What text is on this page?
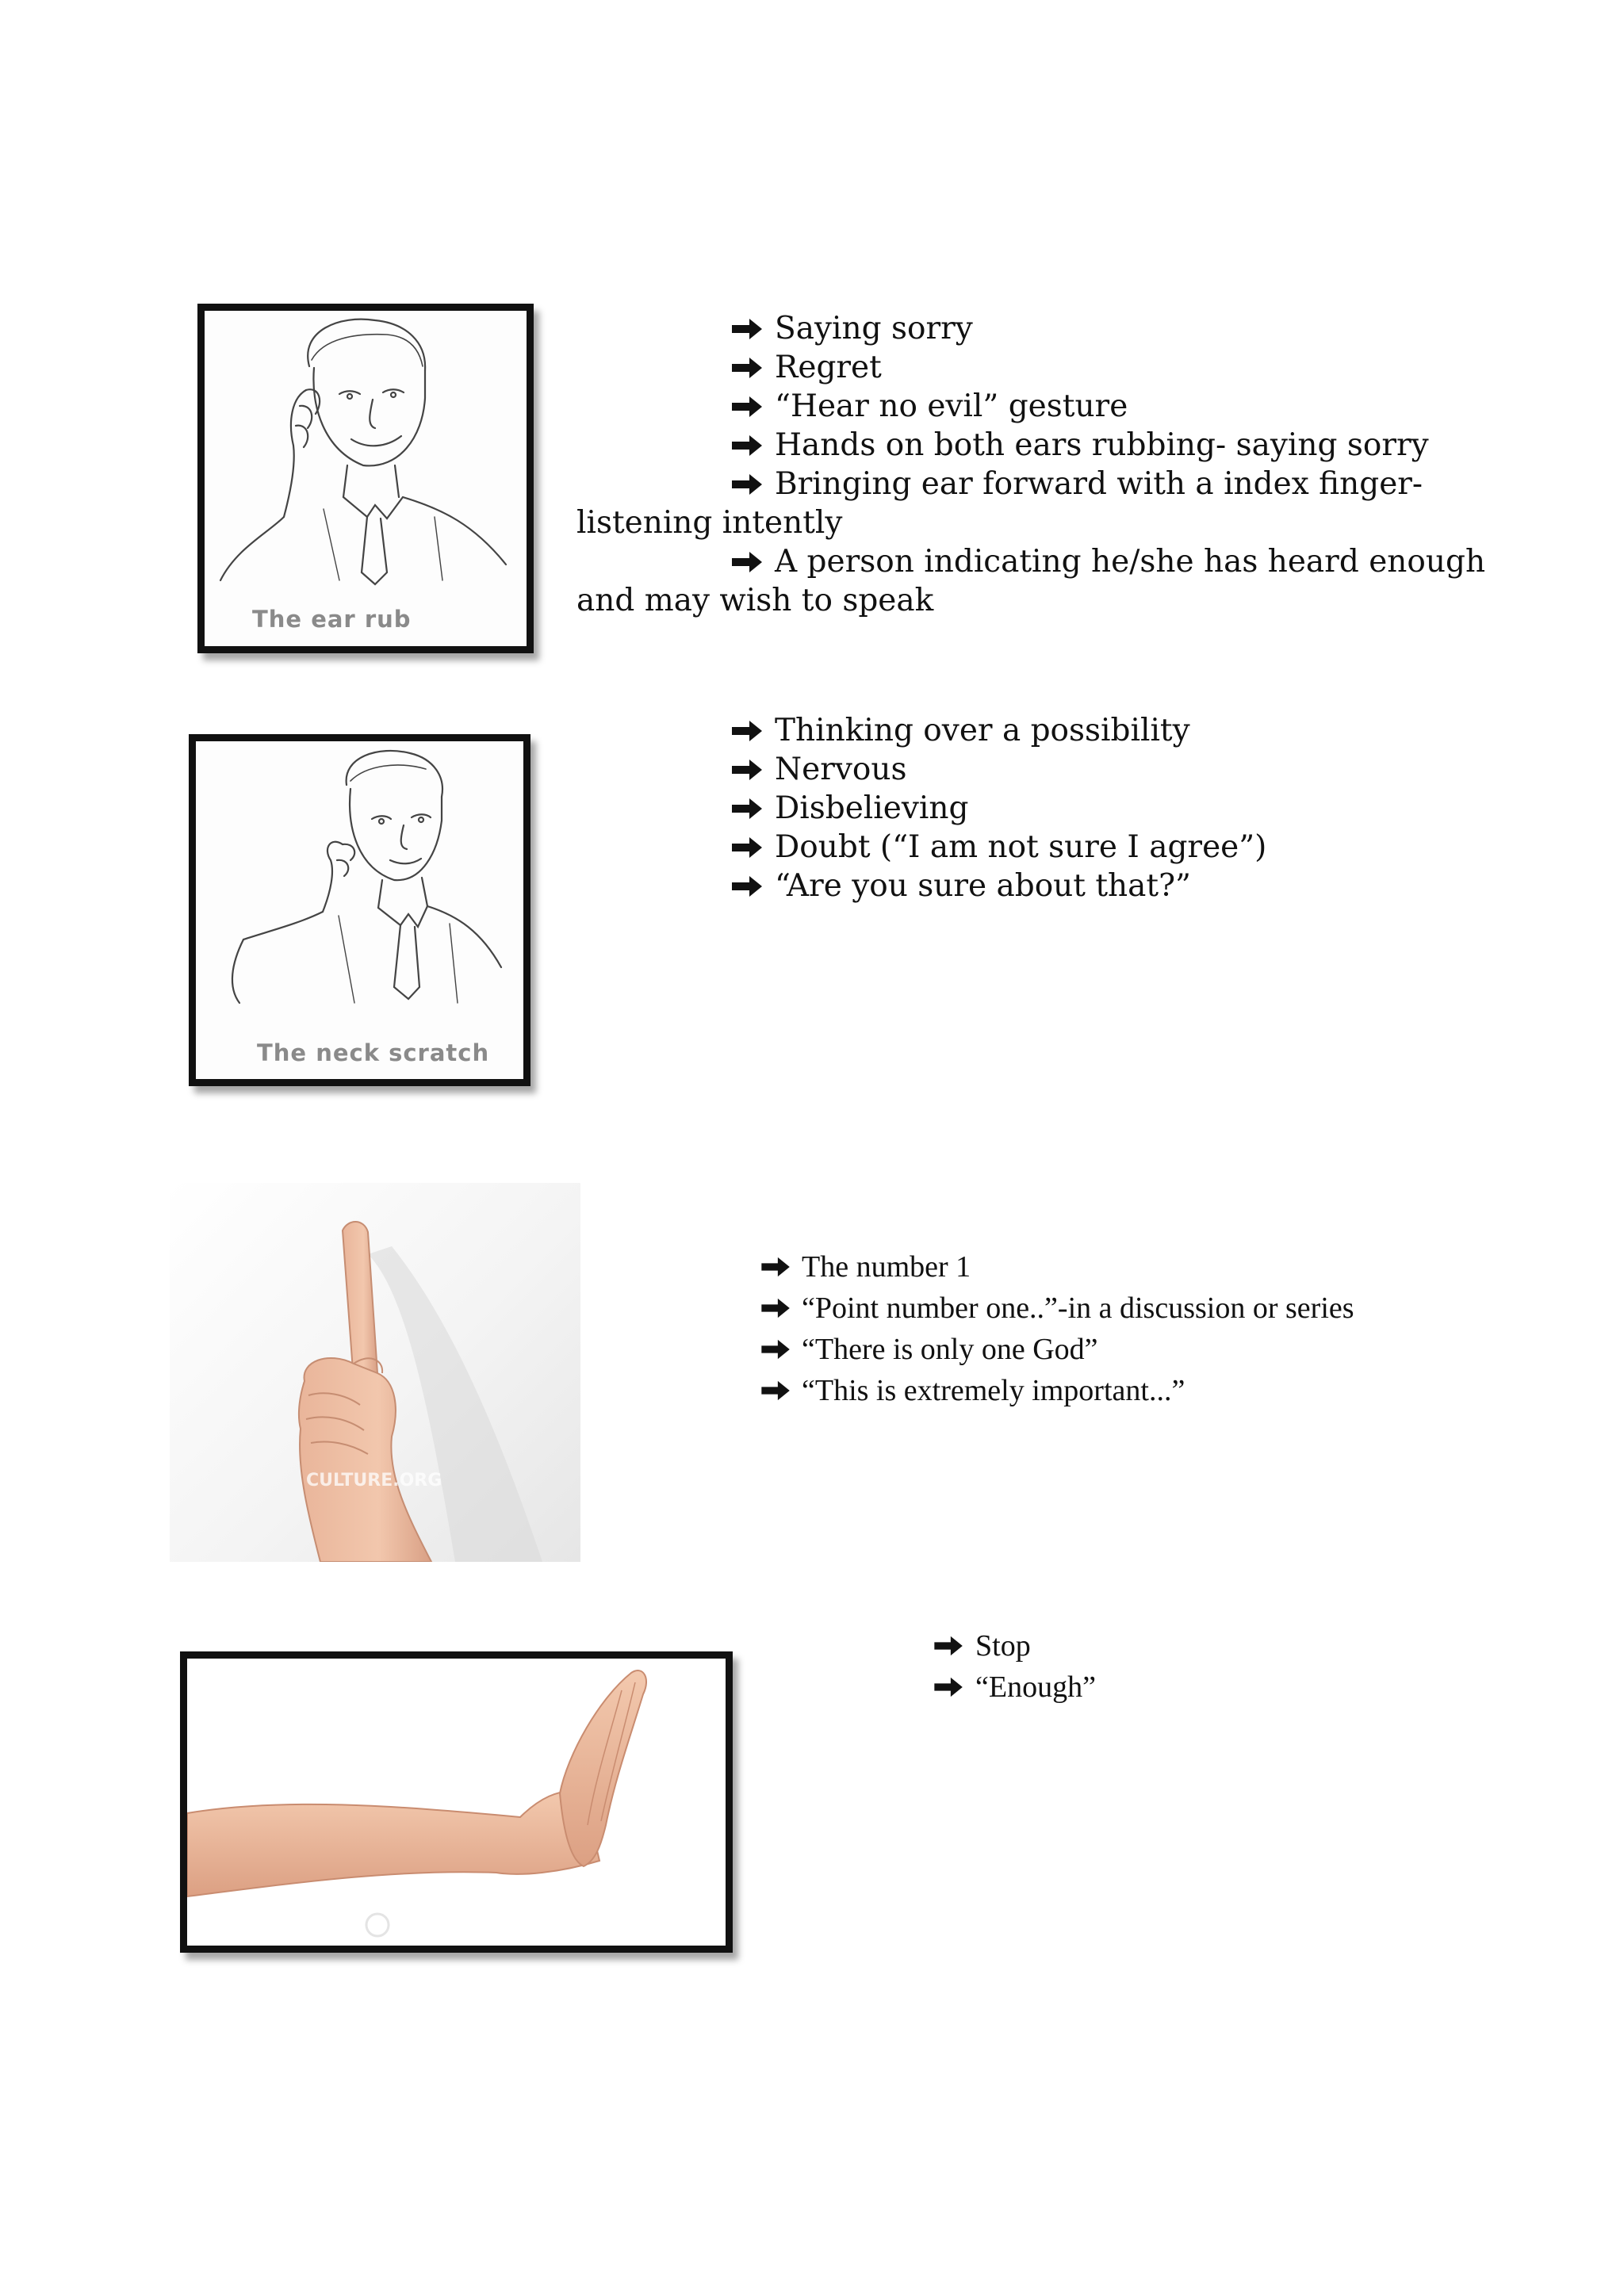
The ear rub
Saying sorry
Regret
“Hear no evil” gesture
Hands on both ears rubbing- saying sorry
Bringing ear forward with a index finger-
listening intently
A person indicating he/she has heard enough
and may wish to speak
The neck scratch
Thinking over a possibility
Nervous
Disbelieving
Doubt (“I am not sure I agree”)
“Are you sure about that?”
CULTURE.ORG
The number 1
“Point number one..”-in a discussion or series
“There is only one God”
“This is extremely important...”
Stop
“Enough”
